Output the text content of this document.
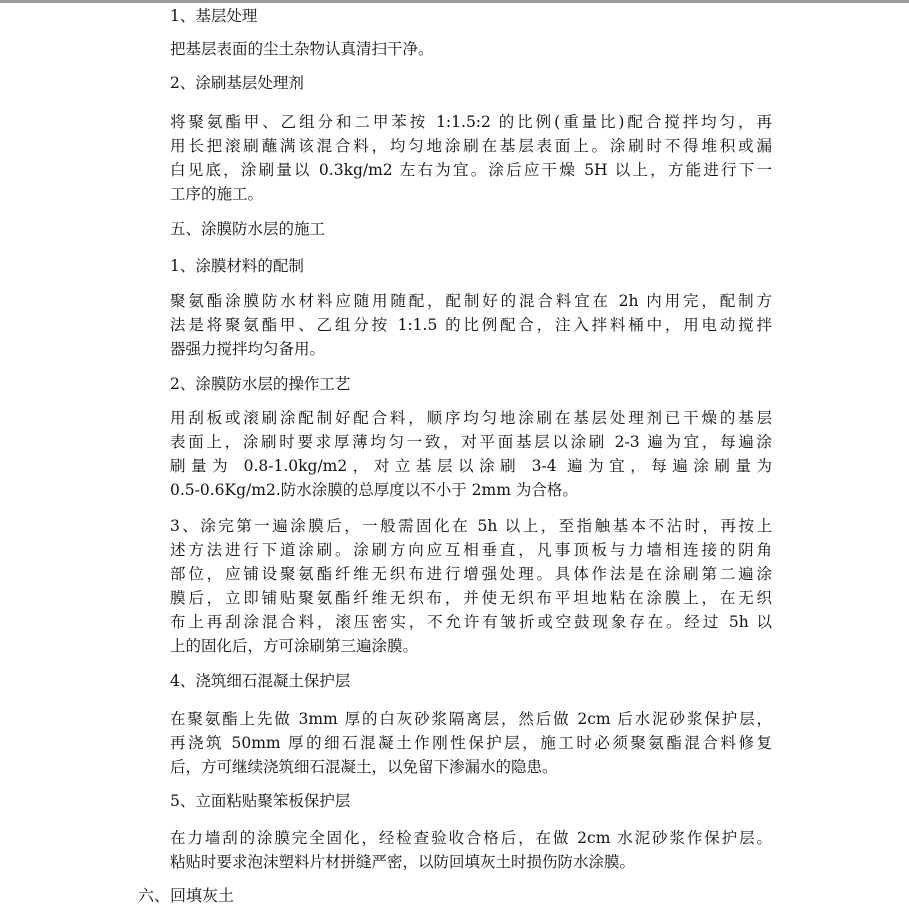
1、基层处理
把基层表面的尘土杂物认真清扫干净。
2、涂刷基层处理剂
将聚氨酯甲、乙组分和二甲苯按 1:1.5:2 的比例(重量比)配合搅拌均匀，再
用长把滚刷蘸满该混合料，均匀地涂刷在基层表面上。涂刷时不得堆积或漏
白见底，涂刷量以 0.3kg/m2 左右为宜。涂后应干燥 5H 以上，方能进行下一
工序的施工。
五、涂膜防水层的施工
1、涂膜材料的配制
聚氨酯涂膜防水材料应随用随配，配制好的混合料宜在 2h 内用完，配制方
法是将聚氨酯甲、乙组分按 1:1.5 的比例配合，注入拌料桶中，用电动搅拌
器强力搅拌均匀备用。
2、涂膜防水层的操作工艺
用刮板或滚刷涂配制好配合料，顺序均匀地涂刷在基层处理剂已干燥的基层
表面上，涂刷时要求厚薄均匀一致，对平面基层以涂刷 2-3 遍为宜，每遍涂
刷量为 0.8-1.0kg/m2，对立基层以涂刷 3-4 遍为宜，每遍涂刷量为
0.5-0.6Kg/m2.防水涂膜的总厚度以不小于 2mm 为合格。
3、涂完第一遍涂膜后，一般需固化在 5h 以上，至指触基本不沾时，再按上
述方法进行下道涂刷。涂刷方向应互相垂直，凡事顶板与力墙相连接的阴角
部位，应铺设聚氨酯纤维无织布进行增强处理。具体作法是在涂刷第二遍涂
膜后，立即铺贴聚氨酯纤维无织布，并使无织布平坦地粘在涂膜上，在无织
布上再刮涂混合料，滚压密实，不允许有皱折或空鼓现象存在。经过 5h 以
上的固化后，方可涂刷第三遍涂膜。
4、浇筑细石混凝土保护层
在聚氨酯上先做 3mm 厚的白灰砂浆隔离层，然后做 2cm 后水泥砂浆保护层，
再浇筑 50mm 厚的细石混凝土作刚性保护层，施工时必须聚氨酯混合料修复
后，方可继续浇筑细石混凝土，以免留下渗漏水的隐患。
5、立面粘贴聚笨板保护层
在力墙刮的涂膜完全固化，经检查验收合格后，在做 2cm 水泥砂浆作保护层。
粘贴时要求泡沫塑料片材拼缝严密，以防回填灰土时损伤防水涂膜。
六、回填灰土
